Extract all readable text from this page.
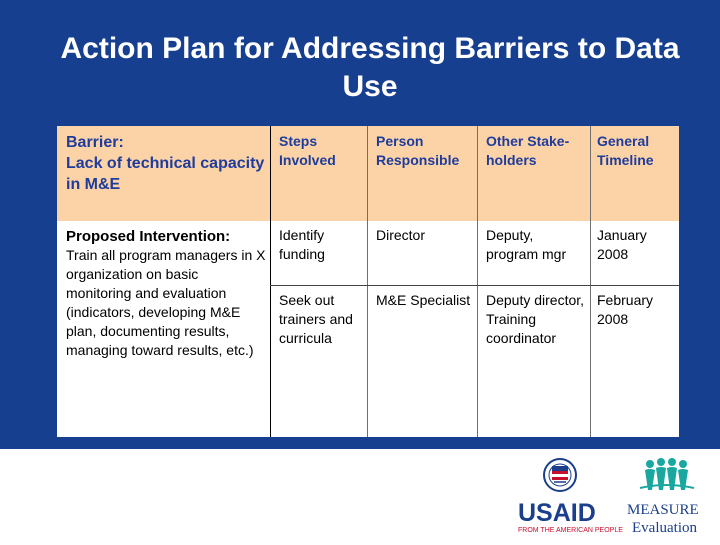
Action Plan for Addressing Barriers to Data Use
Barrier:
Lack of technical capacity in M&E
Steps Involved
Person Responsible
Other Stake-holders
General Timeline
Proposed Intervention:
Train all program managers in X organization on basic monitoring and evaluation (indicators, developing M&E plan, documenting results, managing toward results, etc.)
Identify funding
Director	Deputy, program mgr
January 2008
Seek out trainers and curricula
M&E Specialist Deputy director, Training coordinator
February 2008
USAID
FROM THE AMERICAN PEOPLE
MEASURE
Evaluation
